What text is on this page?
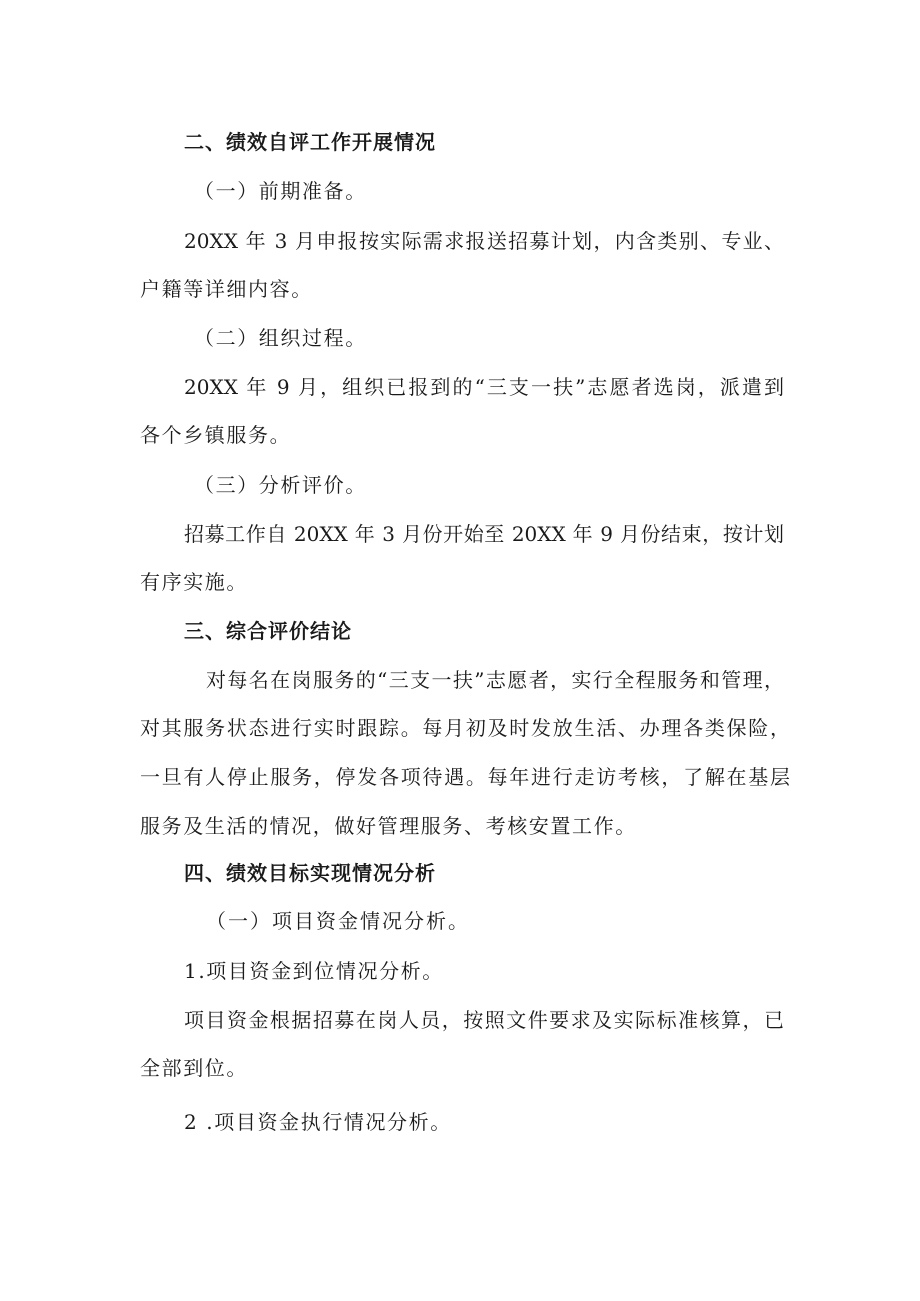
二、绩效自评工作开展情况
（一）前期准备。
20XX 年 3 月申报按实际需求报送招募计划，内含类别、专业、
户籍等详细内容。
（二）组织过程。
20XX 年 9 月，组织已报到的“三支一扶”志愿者选岗，派遣到
各个乡镇服务。
（三）分析评价。
招募工作自 20XX 年 3 月份开始至 20XX 年 9 月份结束，按计划
有序实施。
三、综合评价结论
对每名在岗服务的“三支一扶”志愿者，实行全程服务和管理，
对其服务状态进行实时跟踪。每月初及时发放生活、办理各类保险，
一旦有人停止服务，停发各项待遇。每年进行走访考核，了解在基层
服务及生活的情况，做好管理服务、考核安置工作。
四、绩效目标实现情况分析
（一）项目资金情况分析。
1.项目资金到位情况分析。
项目资金根据招募在岗人员，按照文件要求及实际标准核算，已
全部到位。
2 .项目资金执行情况分析。
